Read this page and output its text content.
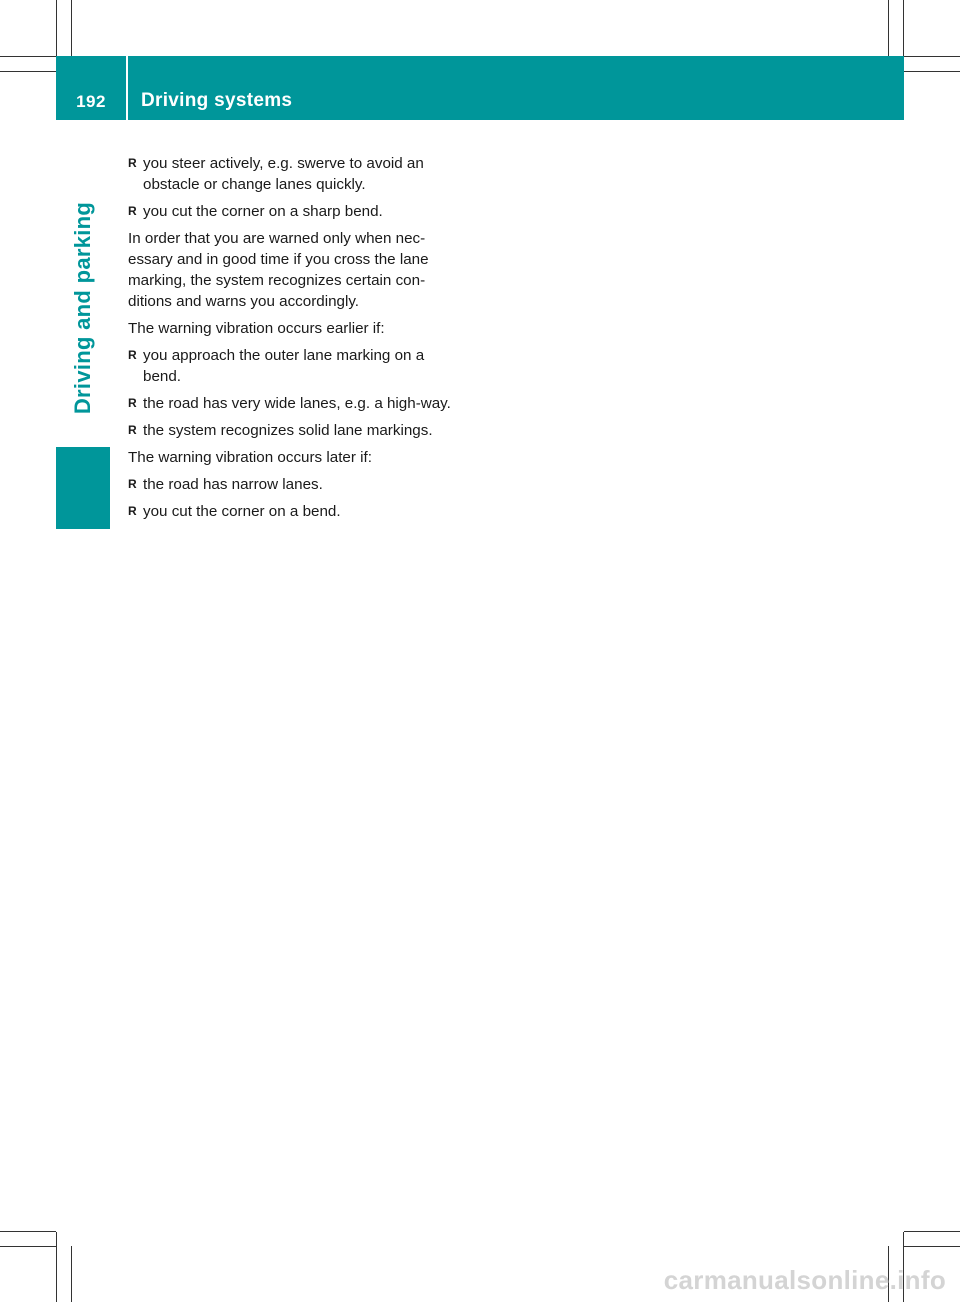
192	Driving systems
Driving and parking
R you steer actively, e.g. swerve to avoid an obstacle or change lanes quickly.
R you cut the corner on a sharp bend.

In order that you are warned only when nec-essary and in good time if you cross the lane marking, the system recognizes certain con-ditions and warns you accordingly.

The warning vibration occurs earlier if:

R you approach the outer lane marking on a bend.
R the road has very wide lanes, e.g. a high-way.
R the system recognizes solid lane markings.

The warning vibration occurs later if:

R the road has narrow lanes.
R you cut the corner on a bend.
carmanualsonline.info
